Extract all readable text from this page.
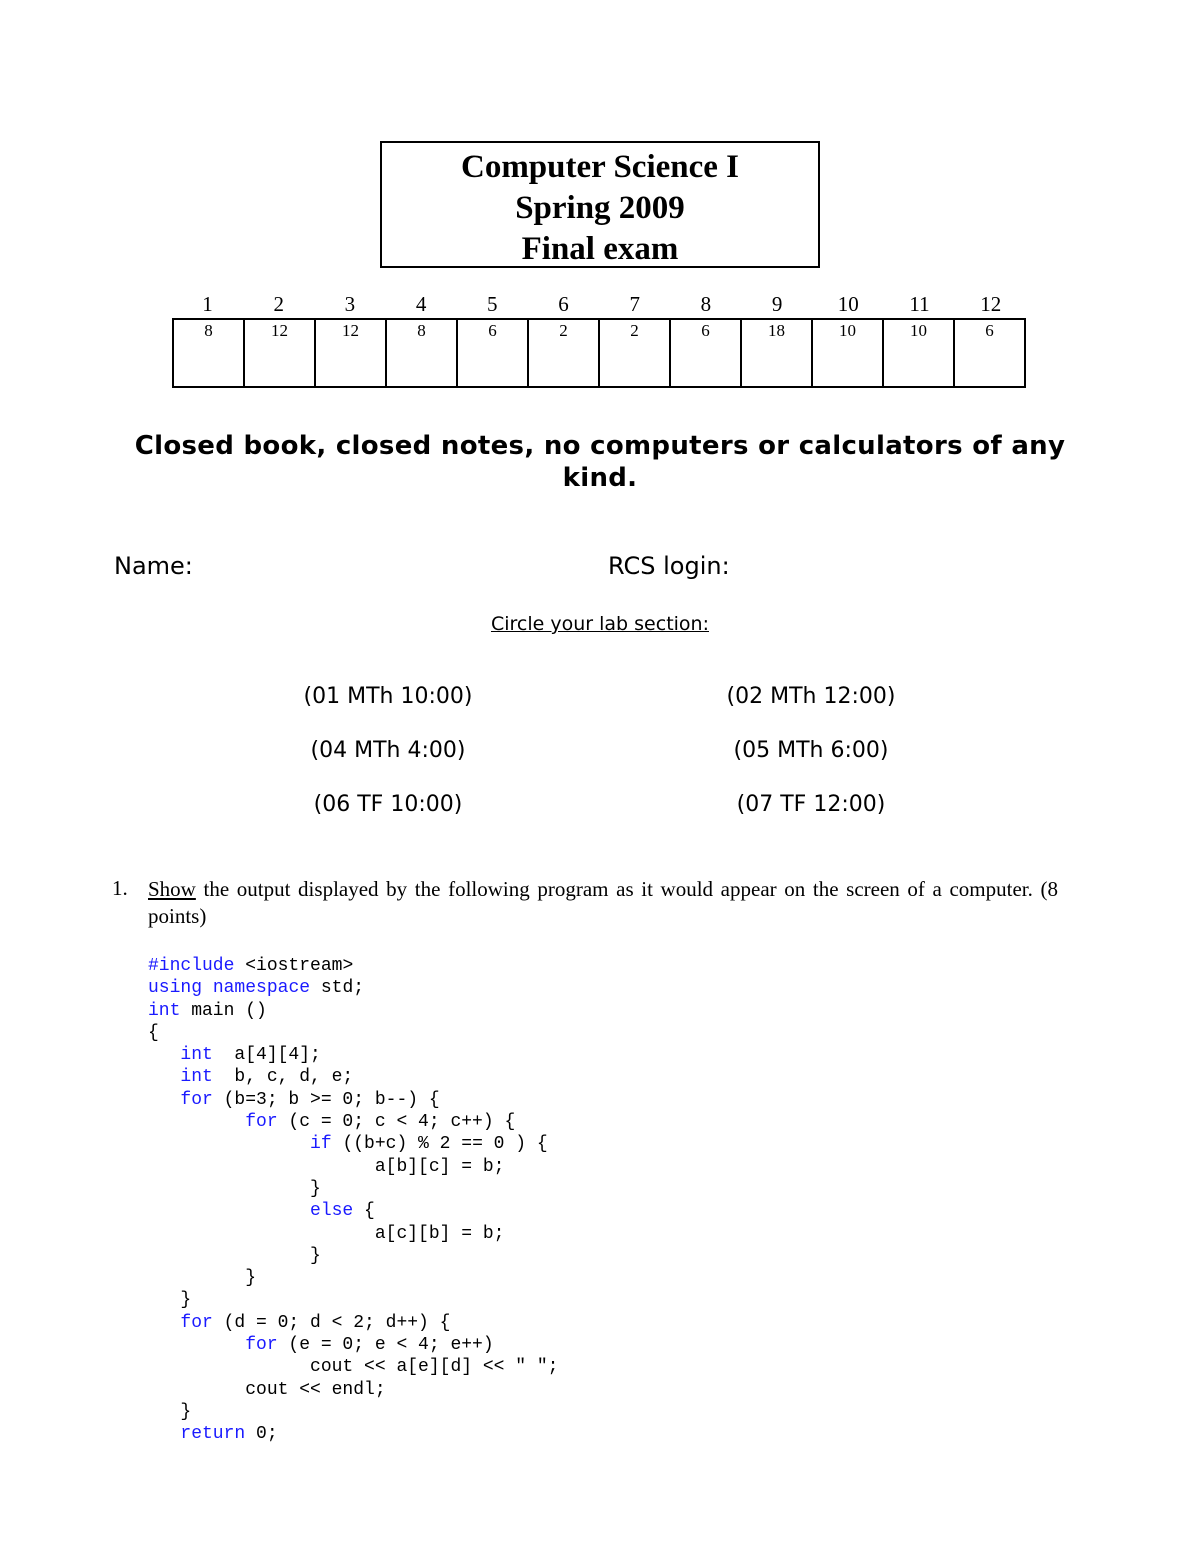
Computer Science I
Spring 2009
Final exam
1	2	3	4	5	6	7	8	9	10	11	12
8	12	12	8	6	2	2	6	18	10	10	6
Closed book, closed notes, no computers or calculators of any kind.
Name:	RCS login:
Circle your lab section:
(01 MTh 10:00)	(02 MTh 12:00)
(04 MTh 4:00)	(05 MTh 6:00)
(06 TF 10:00)	(07 TF 12:00)
1. Show the output displayed by the following program as it would appear on the screen of a computer. (8 points)
#include <iostream>
using namespace std;
int main ()
{
int  a[4][4];
int  b, c, d, e;
for (b=3; b >= 0; b--) {
for (c = 0; c < 4; c++) {
if ((b+c) % 2 == 0 ) {
a[b][c] = b;
}
else {
a[c][b] = b;
}
}
}
for (d = 0; d < 2; d++) {
for (e = 0; e < 4; e++)
cout << a[e][d] << " ";
cout << endl;
}
return 0;
